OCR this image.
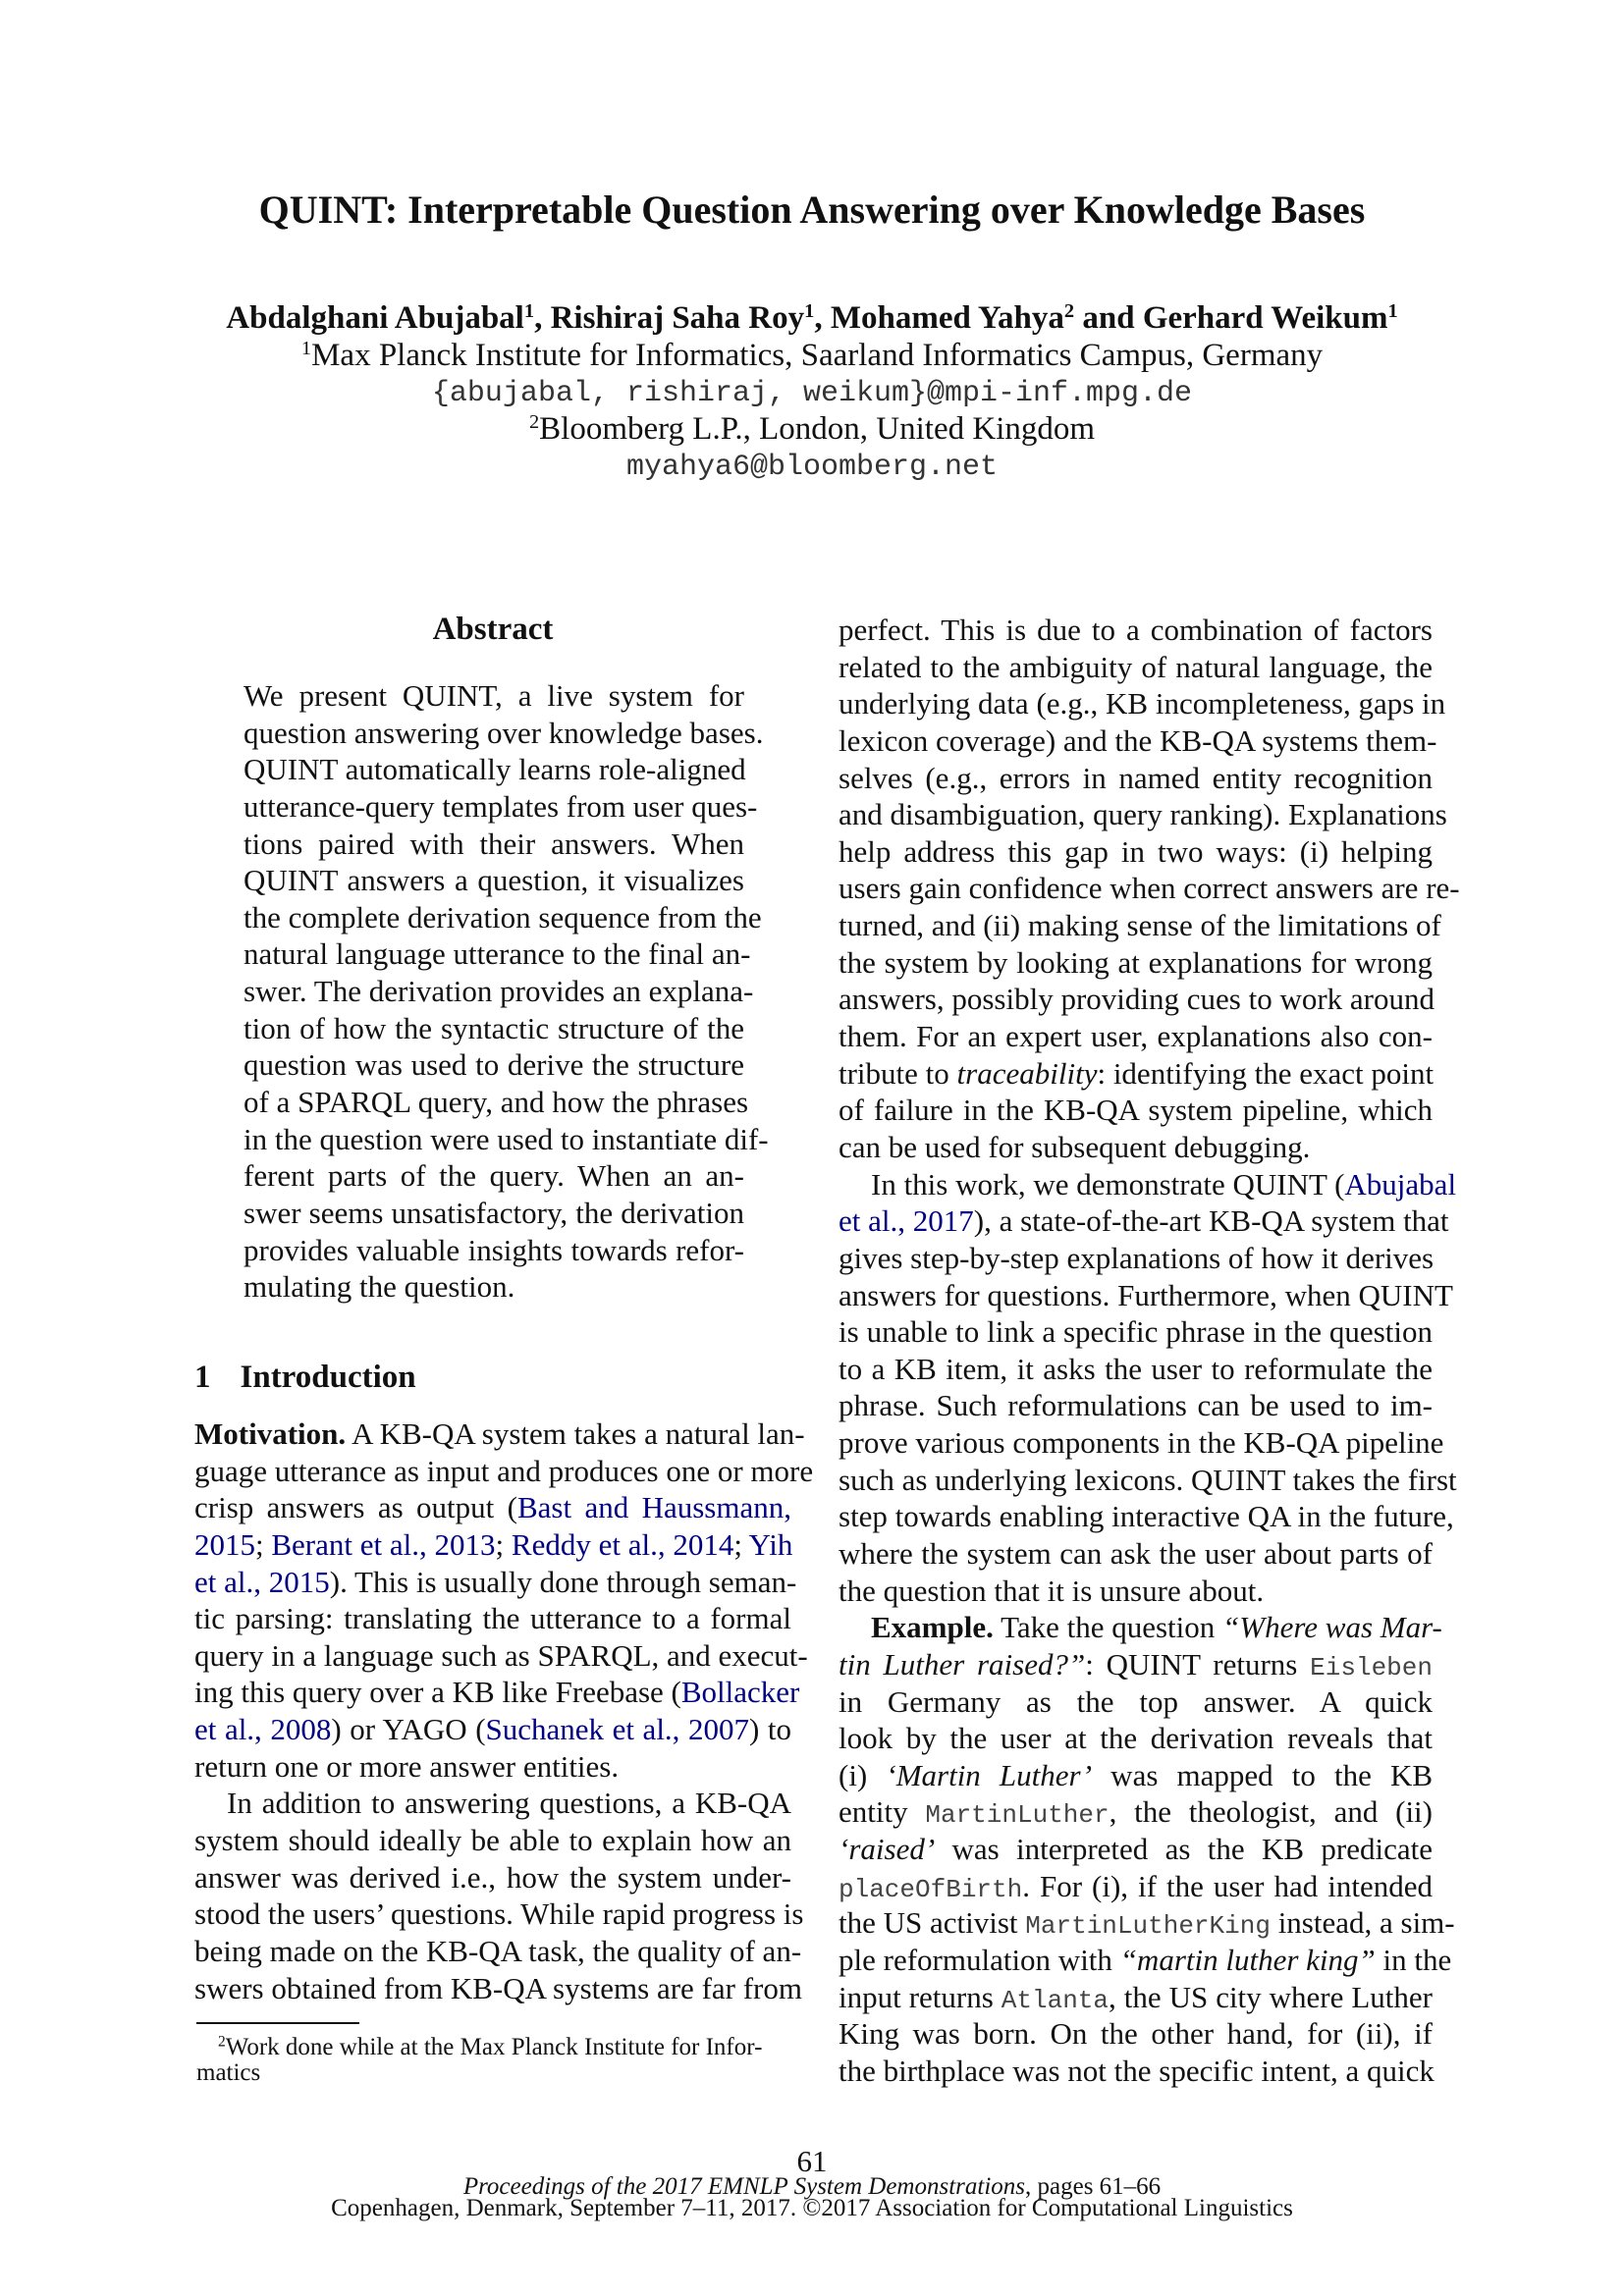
QUINT: Interpretable Question Answering over Knowledge Bases
Abdalghani Abujabal$^1$, Rishiraj Saha Roy$^1$, Mohamed Yahya$^2$ and Gerhard Weikum$^1$
$^1$Max Planck Institute for Informatics, Saarland Informatics Campus, Germany
{abujabal, rishiraj, weikum}@mpi-inf.mpg.de
$^2$Bloomberg L.P., London, United Kingdom
myahya6@bloomberg.net
Abstract
We present QUINT, a live system for
question answering over knowledge bases.
QUINT automatically learns role-aligned
utterance-query templates from user ques-
tions paired with their answers. When
QUINT answers a question, it visualizes
the complete derivation sequence from the
natural language utterance to the final an-
swer. The derivation provides an explana-
tion of how the syntactic structure of the
question was used to derive the structure
of a SPARQL query, and how the phrases
in the question were used to instantiate dif-
ferent parts of the query. When an an-
swer seems unsatisfactory, the derivation
provides valuable insights towards refor-
mulating the question.
1 Introduction
Motivation. A KB-QA system takes a natural lan-
guage utterance as input and produces one or more
crisp answers as output (Bast and Haussmann,
2015; Berant et al., 2013; Reddy et al., 2014; Yih
et al., 2015). This is usually done through seman-
tic parsing: translating the utterance to a formal
query in a language such as SPARQL, and execut-
ing this query over a KB like Freebase (Bollacker
et al., 2008) or YAGO (Suchanek et al., 2007) to
return one or more answer entities.
In addition to answering questions, a KB-QA
system should ideally be able to explain how an
answer was derived i.e., how the system under-
stood the users’ questions. While rapid progress is
being made on the KB-QA task, the quality of an-
swers obtained from KB-QA systems are far from
$^2$Work done while at the Max Planck Institute for Infor-
matics
perfect. This is due to a combination of factors
related to the ambiguity of natural language, the
underlying data (e.g., KB incompleteness, gaps in
lexicon coverage) and the KB-QA systems them-
selves (e.g., errors in named entity recognition
and disambiguation, query ranking). Explanations
help address this gap in two ways: (i) helping
users gain confidence when correct answers are re-
turned, and (ii) making sense of the limitations of
the system by looking at explanations for wrong
answers, possibly providing cues to work around
them. For an expert user, explanations also con-
tribute to traceability: identifying the exact point
of failure in the KB-QA system pipeline, which
can be used for subsequent debugging.
In this work, we demonstrate QUINT (Abujabal
et al., 2017), a state-of-the-art KB-QA system that
gives step-by-step explanations of how it derives
answers for questions. Furthermore, when QUINT
is unable to link a specific phrase in the question
to a KB item, it asks the user to reformulate the
phrase. Such reformulations can be used to im-
prove various components in the KB-QA pipeline
such as underlying lexicons. QUINT takes the first
step towards enabling interactive QA in the future,
where the system can ask the user about parts of
the question that it is unsure about.
Example. Take the question “Where was Mar-
tin Luther raised?”: QUINT returns Eisleben
in Germany as the top answer. A quick
look by the user at the derivation reveals that
(i) ‘Martin Luther’ was mapped to the KB
entity MartinLuther, the theologist, and (ii)
‘raised’ was interpreted as the KB predicate
placeOfBirth. For (i), if the user had intended
the US activist MartinLutherKing instead, a sim-
ple reformulation with “martin luther king” in the
input returns Atlanta, the US city where Luther
King was born. On the other hand, for (ii), if
the birthplace was not the specific intent, a quick
61
Proceedings of the 2017 EMNLP System Demonstrations, pages 61–66
Copenhagen, Denmark, September 7–11, 2017. ©2017 Association for Computational Linguistics
